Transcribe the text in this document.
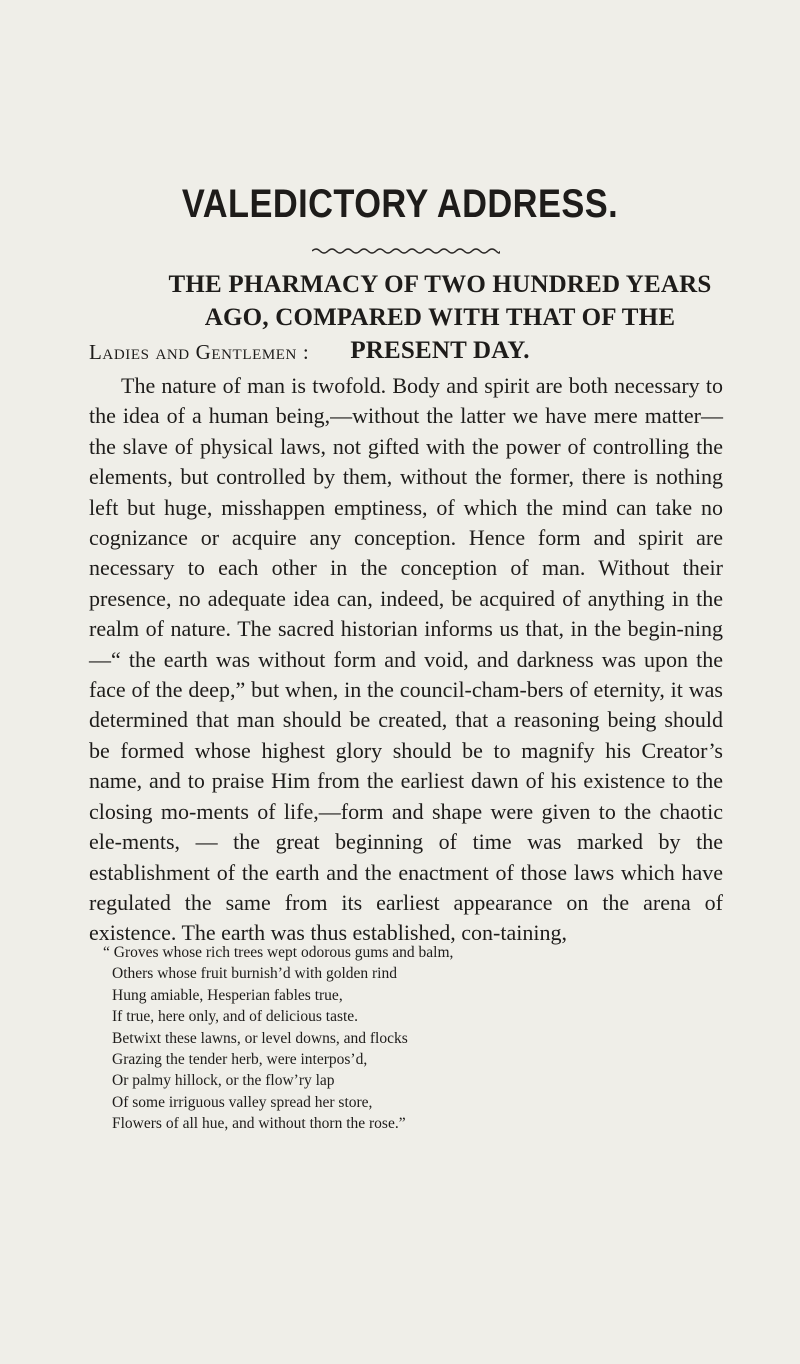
VALEDICTORY ADDRESS.
THE PHARMACY OF TWO HUNDRED YEARS AGO, COMPARED WITH THAT OF THE PRESENT DAY.

Ladies and Gentlemen :

The nature of man is twofold. Body and spirit are both necessary to the idea of a human being,—without the latter we have mere matter—the slave of physical laws, not gifted with the power of controlling the elements, but controlled by them, without the former, there is nothing left but huge, misshappen emptiness, of which the mind can take no cognizance or acquire any conception. Hence form and spirit are necessary to each other in the conception of man. Without their presence, no adequate idea can, indeed, be acquired of anything in the realm of nature. The sacred historian informs us that, in the begin-ning—“ the earth was without form and void, and darkness was upon the face of the deep,” but when, in the council-cham-bers of eternity, it was determined that man should be created, that a reasoning being should be formed whose highest glory should be to magnify his Creator’s name, and to praise Him from the earliest dawn of his existence to the closing mo-ments of life,—form and shape were given to the chaotic ele-ments, — the great beginning of time was marked by the establishment of the earth and the enactment of those laws which have regulated the same from its earliest appearance on the arena of existence. The earth was thus established, con-taining,

“ Groves whose rich trees wept odorous gums and balm,
Others whose fruit burnish’d with golden rind
Hung amiable, Hesperian fables true,
If true, here only, and of delicious taste.
Betwixt these lawns, or level downs, and flocks
Grazing the tender herb, were interpos’d,
Or palmy hillock, or the flow’ry lap
Of some irriguous valley spread her store,
Flowers of all hue, and without thorn the rose.”
